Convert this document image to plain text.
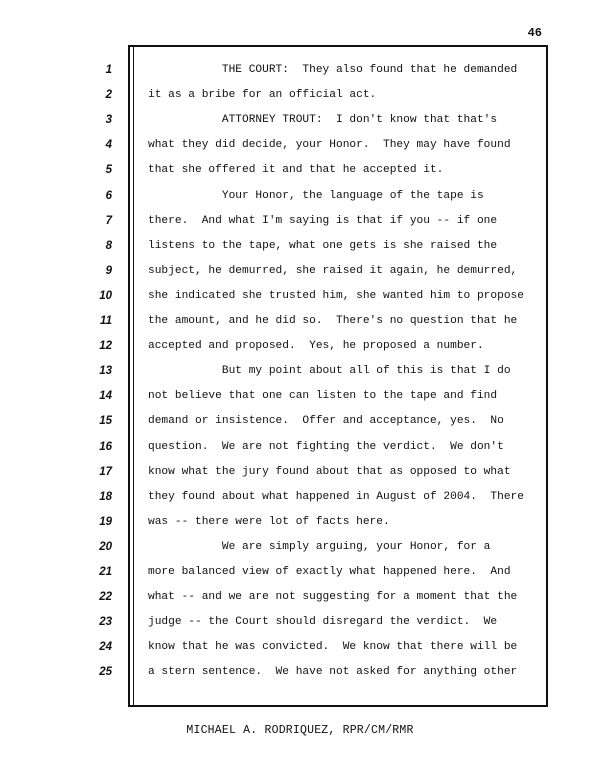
46
1	THE COURT:  They also found that he demanded
2	it as a bribe for an official act.
3	ATTORNEY TROUT:  I don't know that that's
4	what they did decide, your Honor.  They may have found
5	that she offered it and that he accepted it.
6	Your Honor, the language of the tape is
7	there.  And what I'm saying is that if you -- if one
8	listens to the tape, what one gets is she raised the
9	subject, he demurred, she raised it again, he demurred,
10	she indicated she trusted him, she wanted him to propose
11	the amount, and he did so.  There's no question that he
12	accepted and proposed.  Yes, he proposed a number.
13	But my point about all of this is that I do
14	not believe that one can listen to the tape and find
15	demand or insistence.  Offer and acceptance, yes.  No
16	question.  We are not fighting the verdict.  We don't
17	know what the jury found about that as opposed to what
18	they found about what happened in August of 2004.  There
19	was -- there were lot of facts here.
20	We are simply arguing, your Honor, for a
21	more balanced view of exactly what happened here.  And
22	what -- and we are not suggesting for a moment that the
23	judge -- the Court should disregard the verdict.  We
24	know that he was convicted.  We know that there will be
25	a stern sentence.  We have not asked for anything other
MICHAEL A. RODRIQUEZ, RPR/CM/RMR
